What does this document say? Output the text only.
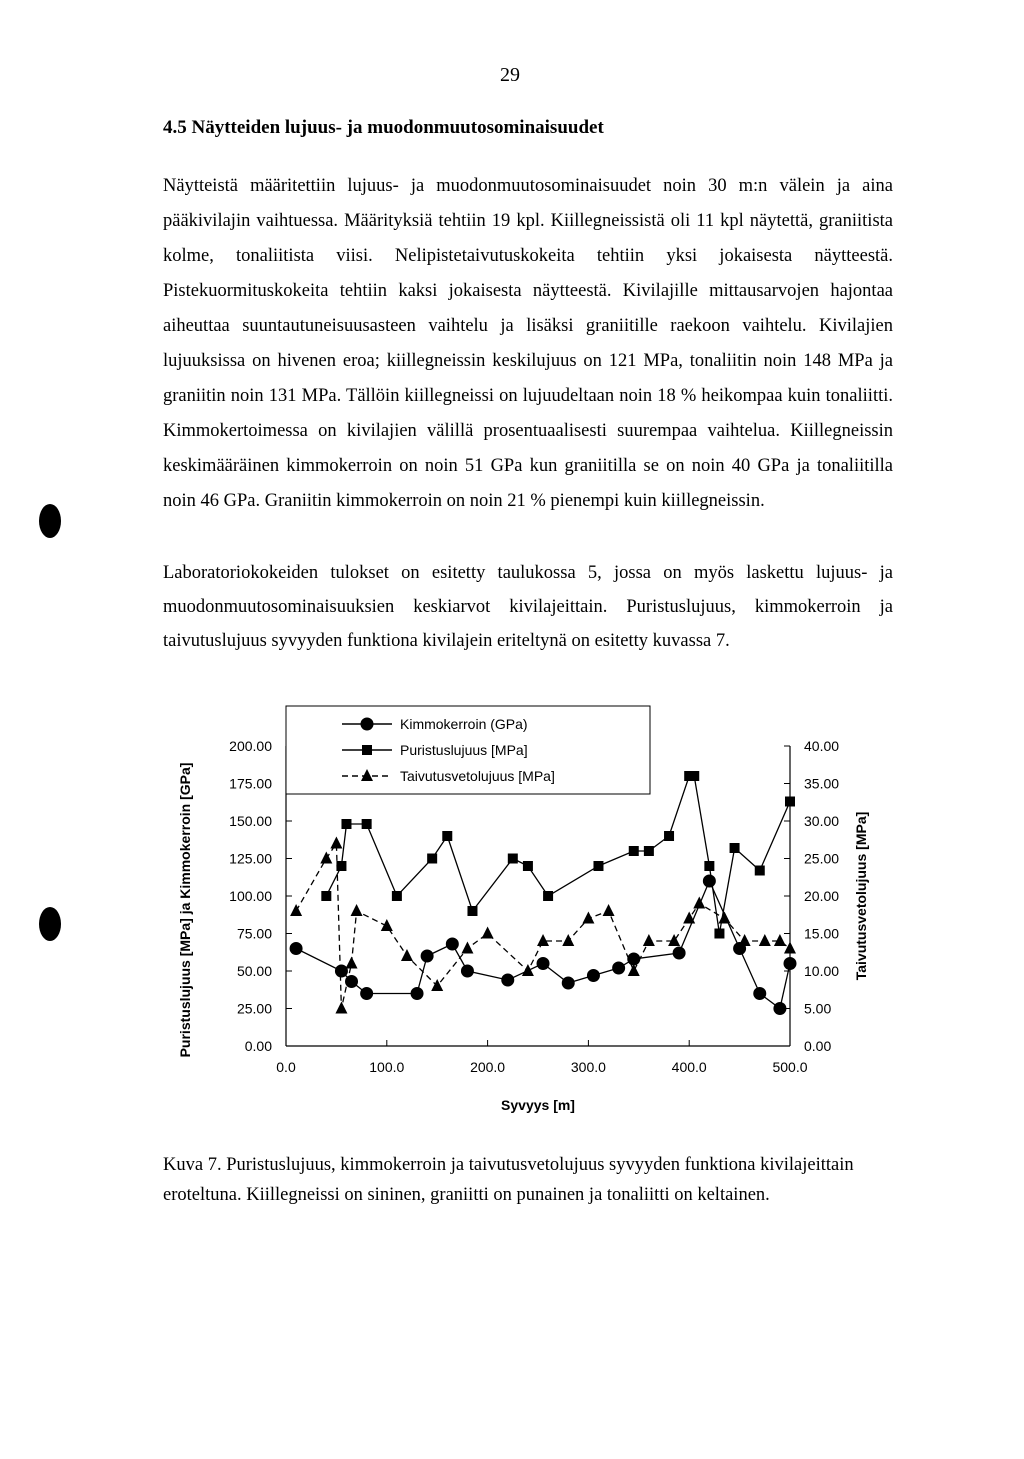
29
4.5 Näytteiden lujuus- ja muodonmuutosominaisuudet

Näytteistä määritettiin lujuus- ja muodonmuutosominaisuudet noin 30 m:n välein ja aina pääkivilajin vaihtuessa. Määrityksiä tehtiin 19 kpl. Kiillegneissistä oli 11 kpl näytettä, graniitista kolme, tonaliitista viisi. Nelipistetaivutuskokeita tehtiin yksi jokaisesta näytteestä. Pistekuormituskokeita tehtiin kaksi jokaisesta näytteestä. Kivilajille mittausarvojen hajontaa aiheuttaa suuntautuneisuusasteen vaihtelu ja lisäksi graniitille raekoon vaihtelu. Kivilajien lujuuksissa on hivenen eroa; kiillegneissin keskilujuus on 121 MPa, tonaliitin noin 148 MPa ja graniitin noin 131 MPa. Tällöin kiillegneissi on lujuudeltaan noin 18 % heikompaa kuin tonaliitti. Kimmokertoimessa on kivilajien välillä prosentuaalisesti suurempaa vaihtelua. Kiillegneissin keskimääräinen kimmokerroin on noin 51 GPa kun graniitilla se on noin 40 GPa ja tonaliitilla noin 46 GPa. Graniitin kimmokerroin on noin 21 % pienempi kuin kiillegneissin.

Laboratoriokokeiden tulokset on esitetty taulukossa 5, jossa on myös laskettu lujuus- ja muodonmuutosominaisuuksien keskiarvot kivilajeittain. Puristuslujuus, kimmokerroin ja taivutuslujuus syvyyden funktiona kivilajein eriteltynä on esitetty kuvassa 7.

0.0	100.0	200.0	300.0	400.0	500.0
0.00
25.00
50.00
75.00
100.00
125.00
150.00
175.00
200.00
0.00
5.00
10.00
15.00
20.00
25.00
30.00
35.00
40.00
Kimmokerroin (GPa)
Puristuslujuus [MPa]
Taivutusvetolujuus [MPa]
Syvyys [m]
Puristuslujuus [MPa] ja Kimmokerroin [GPa]	Taivutusvetolujuus [MPa]

Kuva 7. Puristuslujuus, kimmokerroin ja taivutusvetolujuus syvyyden funktiona kivilajeittain eroteltuna. Kiillegneissi on sininen, graniitti on punainen ja tonaliitti on keltainen.
